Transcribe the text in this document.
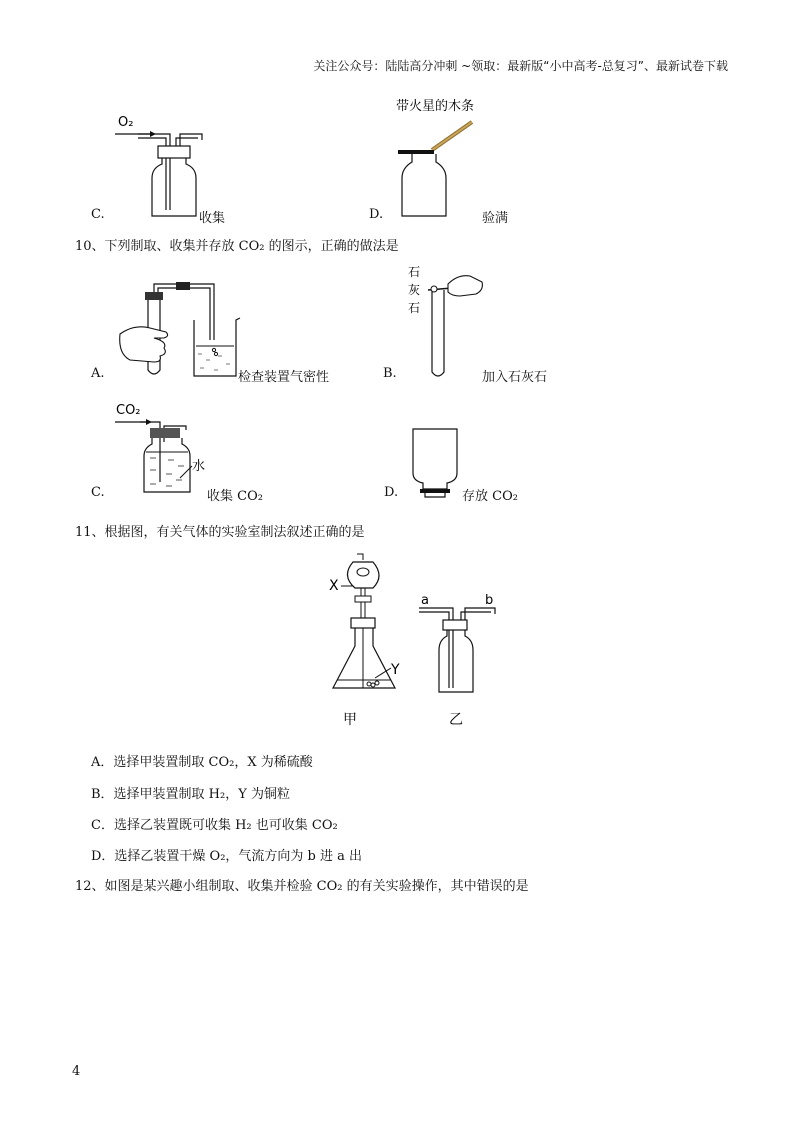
关注公众号：陆陆高分冲刺 ~领取：最新版“小中高考-总复习”、最新试卷下载
O₂
C.	收集
带火星的木条
D.	验满
10、下列制取、收集并存放 CO₂ 的图示，正确的做法是
A.	检查装置气密性
石
灰
石
B.	加入石灰石
CO₂
水
C.	收集 CO₂	D.	存放 CO₂
11、根据图，有关气体的实验室制法叙述正确的是
X
Y
甲
a	b
乙
A．选择甲装置制取 CO₂，X 为稀硫酸
B．选择甲装置制取 H₂，Y 为铜粒
C．选择乙装置既可收集 H₂ 也可收集 CO₂
D．选择乙装置干燥 O₂，气流方向为 b 进 a 出
12、如图是某兴趣小组制取、收集并检验 CO₂ 的有关实验操作，其中错误的是
4
